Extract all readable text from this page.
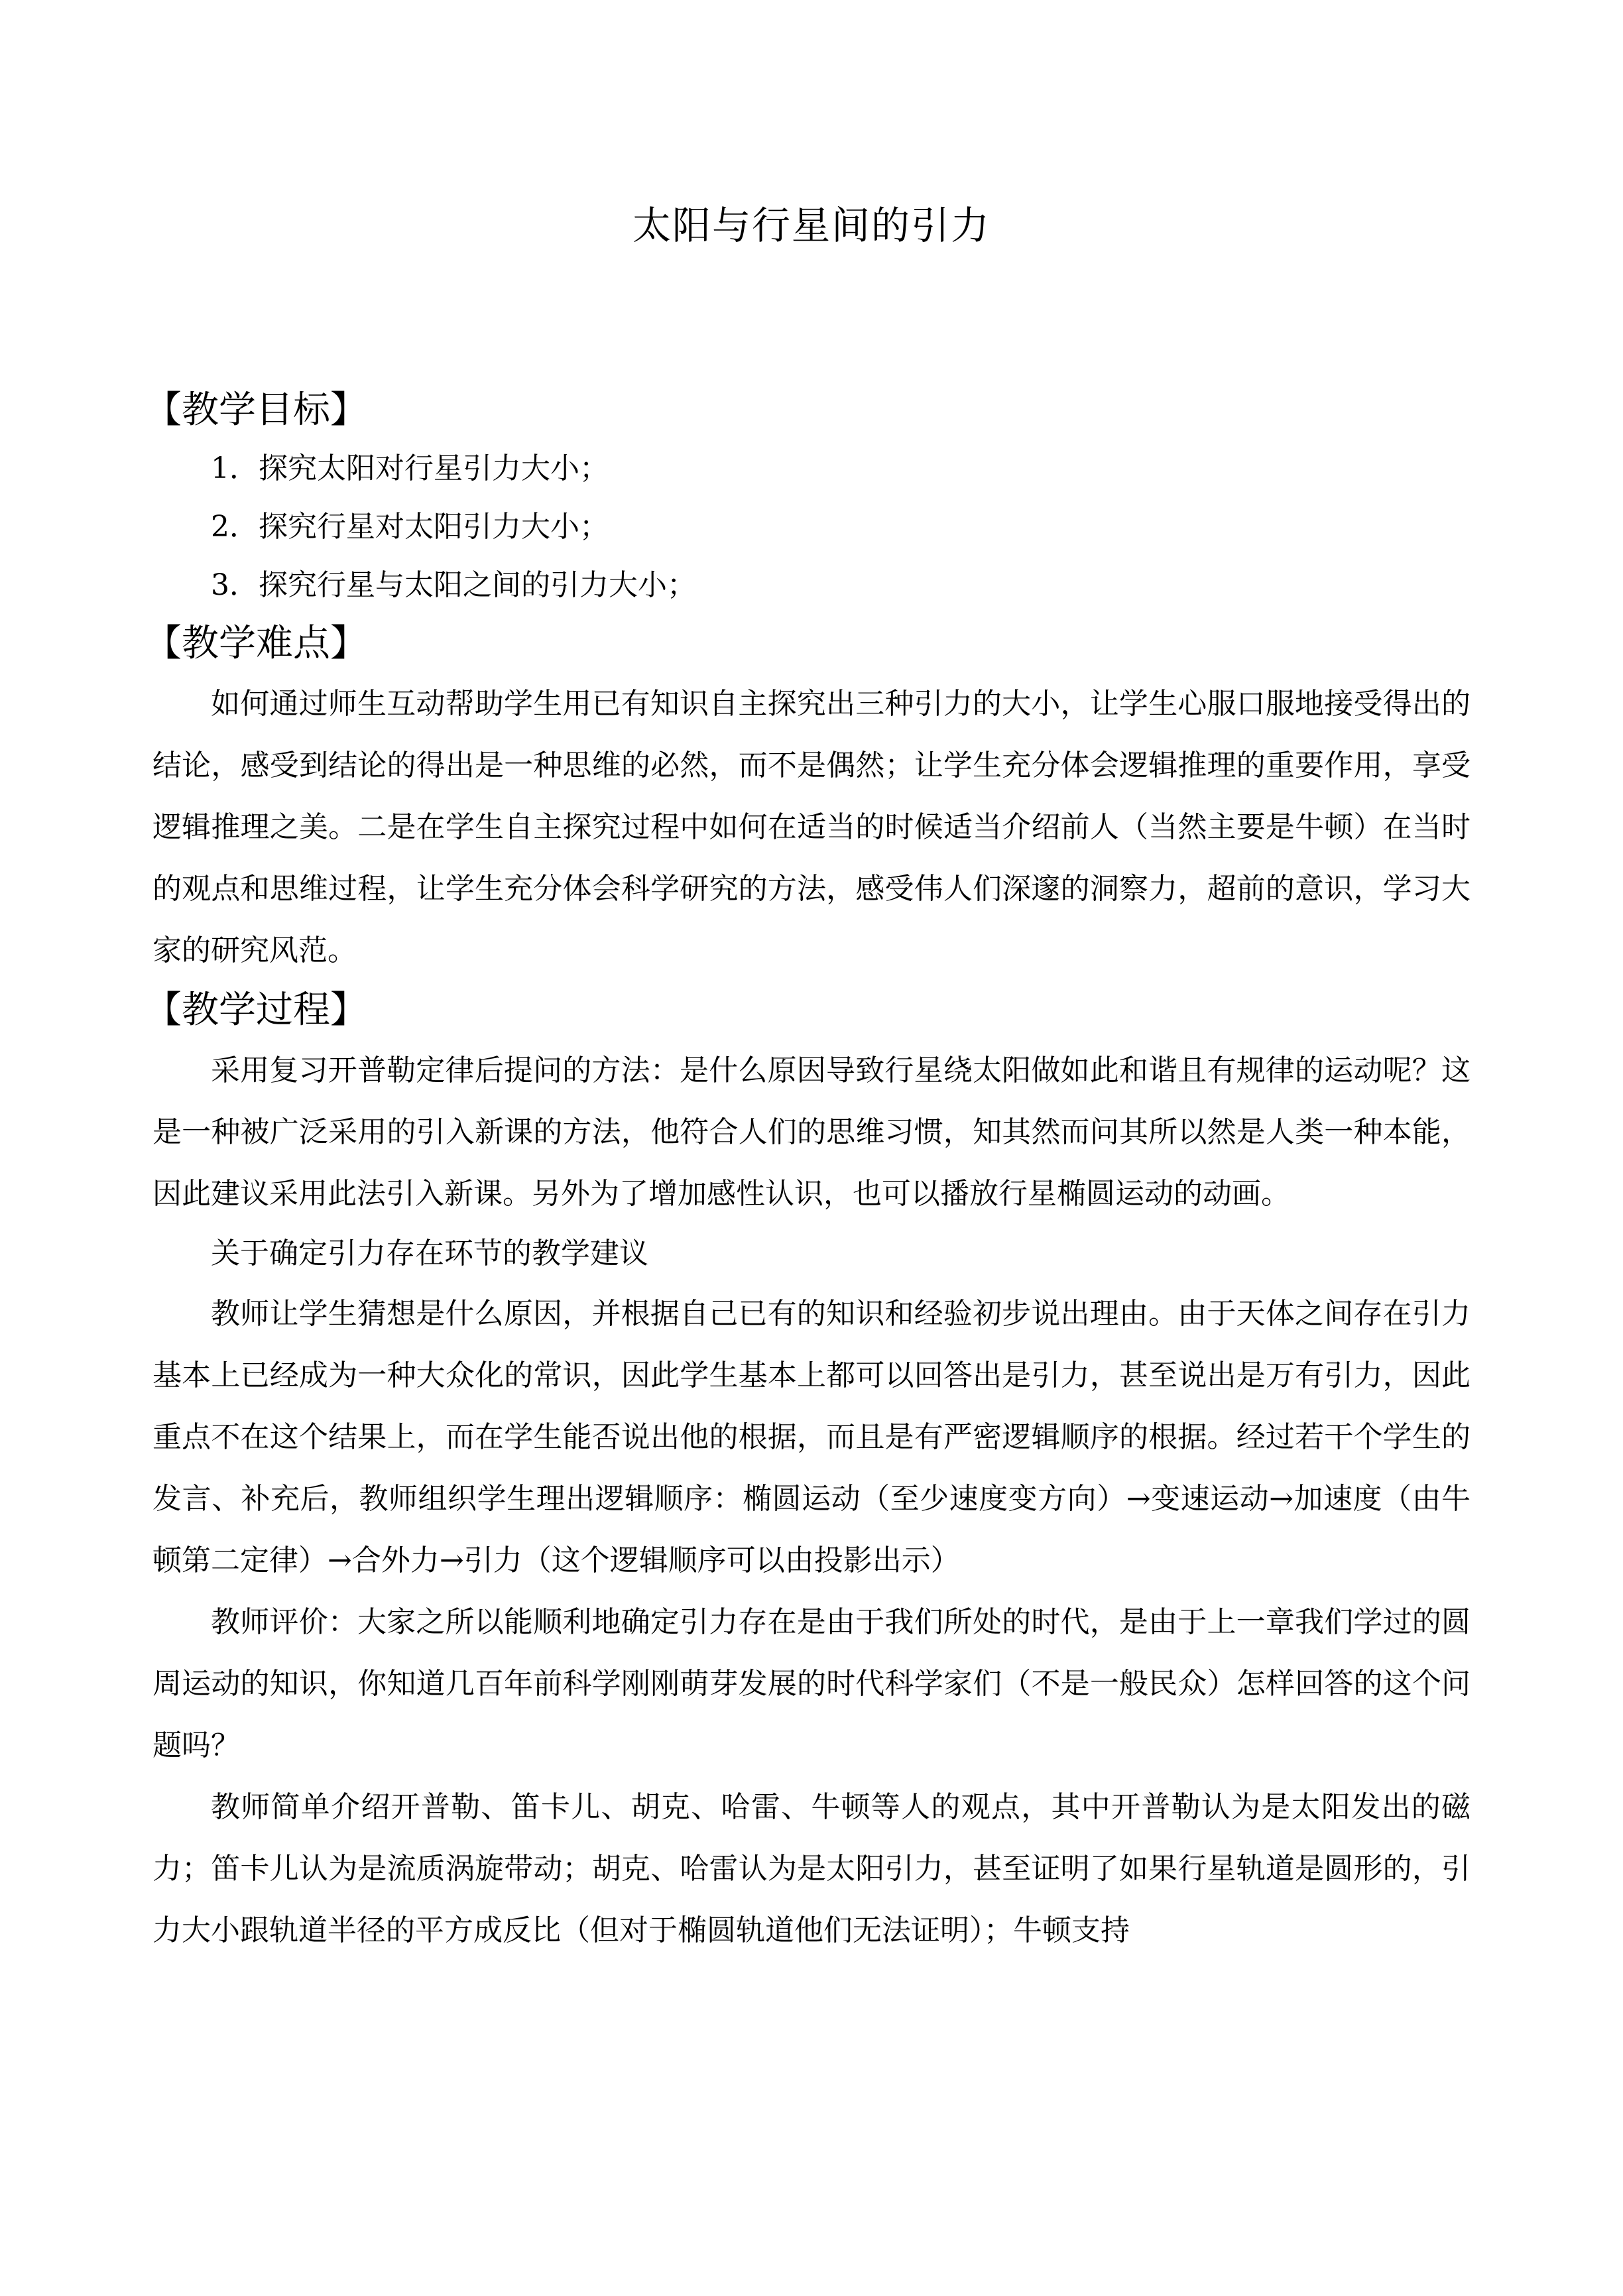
太阳与行星间的引力
【教学目标】
1．探究太阳对行星引力大小；
2．探究行星对太阳引力大小；
3．探究行星与太阳之间的引力大小；
【教学难点】

如何通过师生互动帮助学生用已有知识自主探究出三种引力的大小，让学生心服口服地接受得出的结论，感受到结论的得出是一种思维的必然，而不是偶然；让学生充分体会逻辑推理的重要作用，享受逻辑推理之美。二是在学生自主探究过程中如何在适当的时候适当介绍前人（当然主要是牛顿）在当时的观点和思维过程，让学生充分体会科学研究的方法，感受伟人们深邃的洞察力，超前的意识，学习大家的研究风范。

【教学过程】

采用复习开普勒定律后提问的方法：是什么原因导致行星绕太阳做如此和谐且有规律的运动呢？这是一种被广泛采用的引入新课的方法，他符合人们的思维习惯，知其然而问其所以然是人类一种本能，因此建议采用此法引入新课。另外为了增加感性认识，也可以播放行星椭圆运动的动画。

关于确定引力存在环节的教学建议

教师让学生猜想是什么原因，并根据自己已有的知识和经验初步说出理由。由于天体之间存在引力基本上已经成为一种大众化的常识，因此学生基本上都可以回答出是引力，甚至说出是万有引力，因此重点不在这个结果上，而在学生能否说出他的根据，而且是有严密逻辑顺序的根据。经过若干个学生的发言、补充后，教师组织学生理出逻辑顺序：椭圆运动（至少速度变方向）→变速运动→加速度（由牛顿第二定律）→合外力→引力（这个逻辑顺序可以由投影出示）

教师评价：大家之所以能顺利地确定引力存在是由于我们所处的时代，是由于上一章我们学过的圆周运动的知识，你知道几百年前科学刚刚萌芽发展的时代科学家们（不是一般民众）怎样回答的这个问题吗？

教师简单介绍开普勒、笛卡儿、胡克、哈雷、牛顿等人的观点，其中开普勒认为是太阳发出的磁力；笛卡儿认为是流质涡旋带动；胡克、哈雷认为是太阳引力，甚至证明了如果行星轨道是圆形的，引力大小跟轨道半径的平方成反比（但对于椭圆轨道他们无法证明）；牛顿支持
